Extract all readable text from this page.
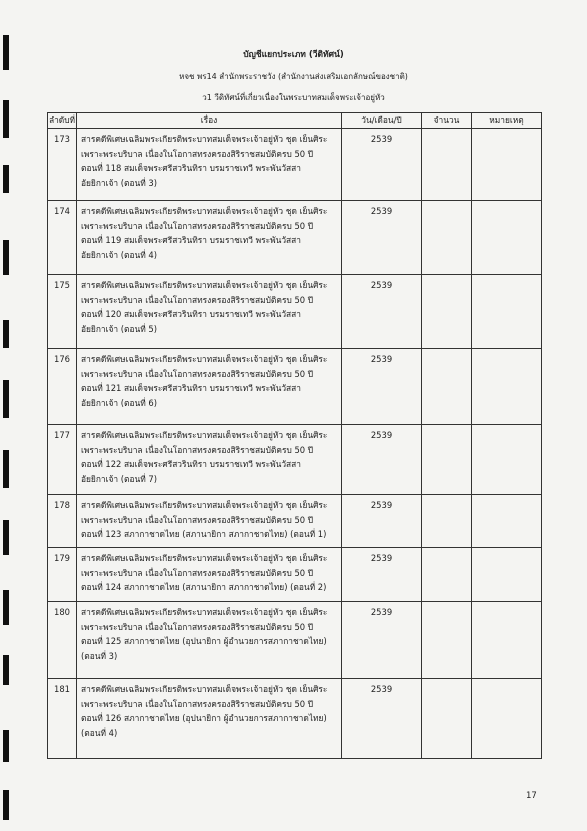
บัญชีแยกประเภท (วีดิทัศน์)
หจช พร14 สำนักพระราชวัง (สำนักงานส่งเสริมเอกลักษณ์ของชาติ)
ว1 วีดิทัศน์ที่เกี่ยวเนื่องในพระบาทสมเด็จพระเจ้าอยู่หัว
ลำดับที่	เรื่อง	วัน/เดือน/ปี	จำนวน	หมายเหตุ
173	สารคดีพิเศษเฉลิมพระเกียรติพระบาทสมเด็จพระเจ้าอยู่หัว ชุด เย็นศิระ
เพราะพระบริบาล เนื่องในโอกาสทรงครองสิริราชสมบัติครบ 50 ปี
ตอนที่ 118 สมเด็จพระศรีสวรินทิรา บรมราชเทวี พระพันวัสสา
อัยยิกาเจ้า (ตอนที่ 3)	2539		
174	สารคดีพิเศษเฉลิมพระเกียรติพระบาทสมเด็จพระเจ้าอยู่หัว ชุด เย็นศิระ
เพราะพระบริบาล เนื่องในโอกาสทรงครองสิริราชสมบัติครบ 50 ปี
ตอนที่ 119 สมเด็จพระศรีสวรินทิรา บรมราชเทวี พระพันวัสสา
อัยยิกาเจ้า (ตอนที่ 4)	2539		
175	สารคดีพิเศษเฉลิมพระเกียรติพระบาทสมเด็จพระเจ้าอยู่หัว ชุด เย็นศิระ
เพราะพระบริบาล เนื่องในโอกาสทรงครองสิริราชสมบัติครบ 50 ปี
ตอนที่ 120 สมเด็จพระศรีสวรินทิรา บรมราชเทวี พระพันวัสสา
อัยยิกาเจ้า (ตอนที่ 5)	2539		
176	สารคดีพิเศษเฉลิมพระเกียรติพระบาทสมเด็จพระเจ้าอยู่หัว ชุด เย็นศิระ
เพราะพระบริบาล เนื่องในโอกาสทรงครองสิริราชสมบัติครบ 50 ปี
ตอนที่ 121 สมเด็จพระศรีสวรินทิรา บรมราชเทวี พระพันวัสสา
อัยยิกาเจ้า (ตอนที่ 6)	2539		
177	สารคดีพิเศษเฉลิมพระเกียรติพระบาทสมเด็จพระเจ้าอยู่หัว ชุด เย็นศิระ
เพราะพระบริบาล เนื่องในโอกาสทรงครองสิริราชสมบัติครบ 50 ปี
ตอนที่ 122 สมเด็จพระศรีสวรินทิรา บรมราชเทวี พระพันวัสสา
อัยยิกาเจ้า (ตอนที่ 7)	2539		
178	สารคดีพิเศษเฉลิมพระเกียรติพระบาทสมเด็จพระเจ้าอยู่หัว ชุด เย็นศิระ
เพราะพระบริบาล เนื่องในโอกาสทรงครองสิริราชสมบัติครบ 50 ปี
ตอนที่ 123 สภากาชาดไทย (สภานายิกา สภากาชาดไทย) (ตอนที่ 1)	2539		
179	สารคดีพิเศษเฉลิมพระเกียรติพระบาทสมเด็จพระเจ้าอยู่หัว ชุด เย็นศิระ
เพราะพระบริบาล เนื่องในโอกาสทรงครองสิริราชสมบัติครบ 50 ปี
ตอนที่ 124 สภากาชาดไทย (สภานายิกา สภากาชาดไทย) (ตอนที่ 2)	2539		
180	สารคดีพิเศษเฉลิมพระเกียรติพระบาทสมเด็จพระเจ้าอยู่หัว ชุด เย็นศิระ
เพราะพระบริบาล เนื่องในโอกาสทรงครองสิริราชสมบัติครบ 50 ปี
ตอนที่ 125 สภากาชาดไทย (อุปนายิกา ผู้อำนวยการสภากาชาดไทย)
(ตอนที่ 3)	2539		
181	สารคดีพิเศษเฉลิมพระเกียรติพระบาทสมเด็จพระเจ้าอยู่หัว ชุด เย็นศิระ
เพราะพระบริบาล เนื่องในโอกาสทรงครองสิริราชสมบัติครบ 50 ปี
ตอนที่ 126 สภากาชาดไทย (อุปนายิกา ผู้อำนวยการสภากาชาดไทย)
(ตอนที่ 4)	2539		
17
